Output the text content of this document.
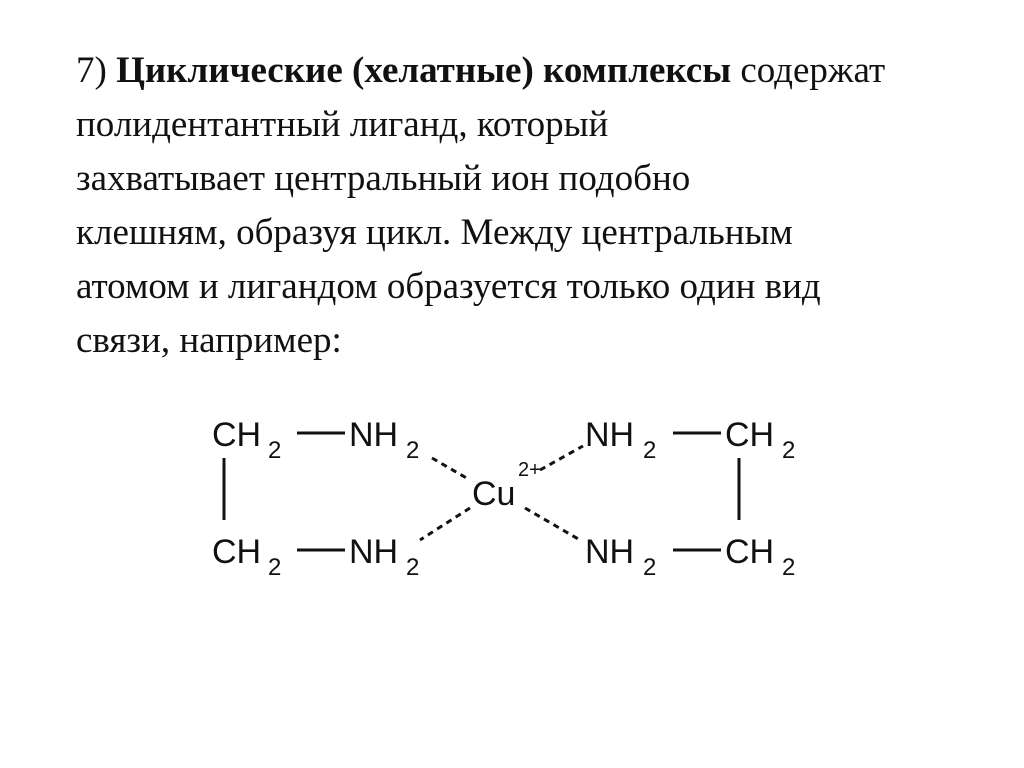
7) Циклические (хелатные) комплексы содержат полидентантный лиганд, который
захватывает центральный ион подобно
клешням, образуя цикл. Между центральным
атомом и лигандом образуется только один вид
связи, например:
CH 2 NH 2
CH 2 NH 2
Cu
2+
NH 2 CH 2
NH 2 CH 2
